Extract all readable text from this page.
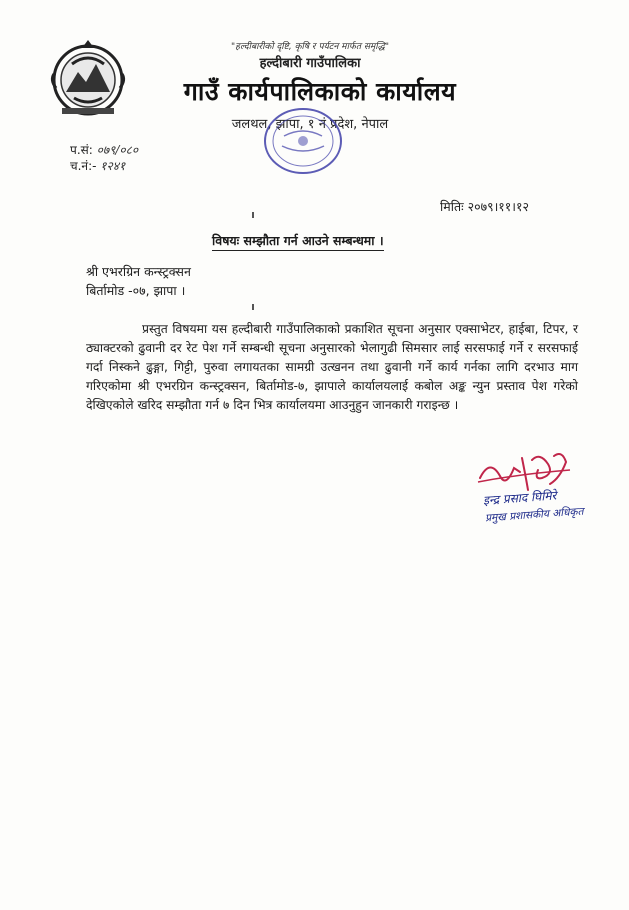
"हल्दीबारीको दृष्टि, कृषि र पर्यटन मार्फत समृद्धि"
हल्दीबारी गाउँपालिका
गाउँ कार्यपालिकाको कार्यालय
जलथल, झापा, १ नं प्रदेश, नेपाल
प.सं: ०७९/०८०
च.नं:- १२४१
मितिः २०७९।११।१२
विषयः सम्झौता गर्न आउने सम्बन्धमा ।
श्री एभरग्रिन कन्स्ट्रक्सन
बिर्तामोड -०७, झापा ।
प्रस्तुत विषयमा यस हल्दीबारी गाउँपालिकाको प्रकाशित सूचना अनुसार एक्साभेटर, हाईबा, टिपर, र ठ्याक्टरको ढुवानी दर रेट पेश गर्ने सम्बन्धी सूचना अनुसारको भेलागुढी सिमसार लाई सरसफाई गर्ने र सरसफाई गर्दा निस्कने ढुङ्गा, गिट्टी, पुरुवा लगायतका सामग्री उत्खनन तथा ढुवानी गर्ने कार्य गर्नका लागि दरभाउ माग गरिएकोमा श्री एभरग्रिन कन्स्ट्रक्सन, बिर्तामोड-७, झापाले कार्यालयलाई कबोल अङ्क न्युन प्रस्ताव पेश गरेको देखिएकोले खरिद सम्झौता गर्न ७ दिन भित्र कार्यालयमा आउनुहुन जानकारी गराइन्छ ।
इन्द्र प्रसाद घिमिरे
प्रमुख प्रशासकीय अधिकृत
